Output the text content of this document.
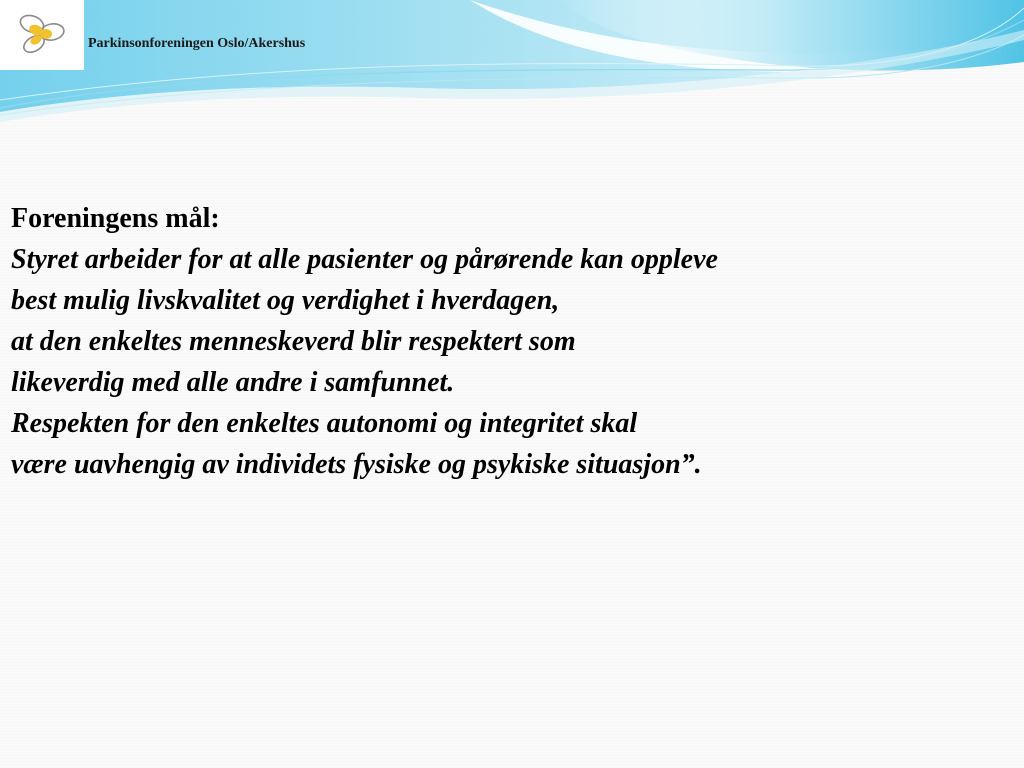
Parkinsonforeningen Oslo/Akershus
Foreningens mål:
Styret arbeider for at alle pasienter og pårørende kan oppleve
best mulig livskvalitet og verdighet i hverdagen,
at den enkeltes menneskeverd blir respektert som
likeverdig med alle andre i samfunnet.
Respekten for den enkeltes autonomi og integritet skal
være uavhengig av individets fysiske og psykiske situasjon”.
